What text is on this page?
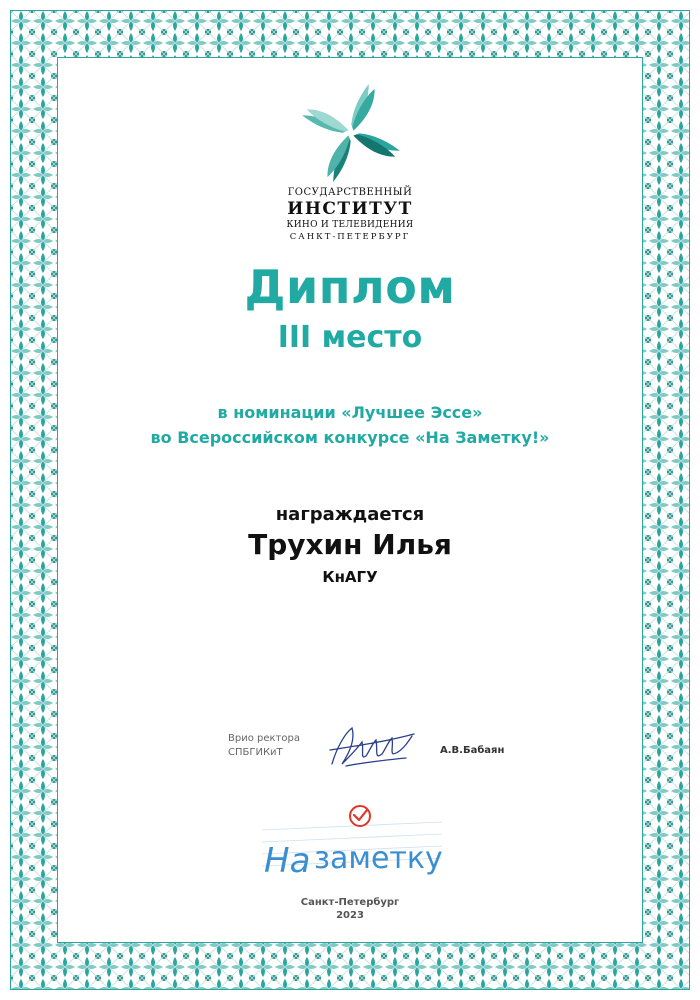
ГОСУДАРСТВЕННЫЙ
ИНСТИТУТ
КИНО И ТЕЛЕВИДЕНИЯ
САНКТ-ПЕТЕРБУРГ
Диплом
III место
в номинации «Лучшее Эссе»
во Всероссийском конкурсе «На Заметку!»
награждается
Трухин Илья
КнАГУ
Врио ректора
СПБГИКиТ	А.В.Бабаян
На заметку
Санкт-Петербург
2023
